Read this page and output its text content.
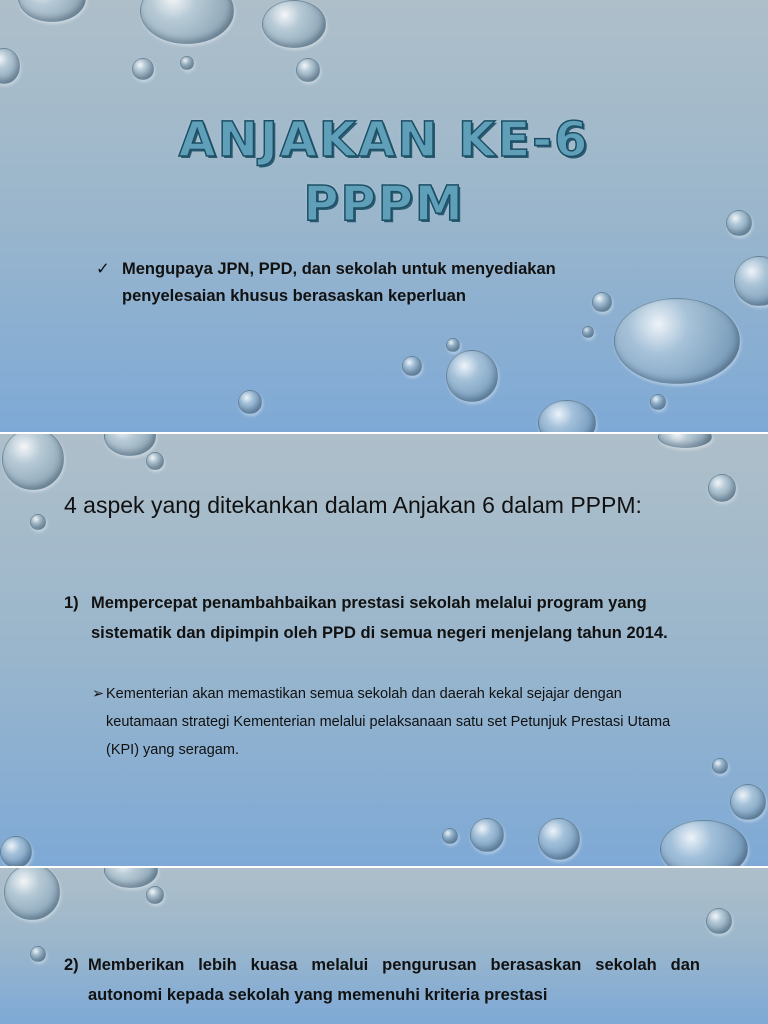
ANJAKAN KE-6
PPPM
✓ Mengupaya JPN, PPD, dan sekolah untuk menyediakan penyelesaian khusus berasaskan keperluan
4 aspek yang ditekankan dalam Anjakan 6 dalam PPPM:
1) Mempercepat penambahbaikan prestasi sekolah melalui program yang sistematik dan dipimpin oleh PPD di semua negeri menjelang tahun 2014.
➢ Kementerian akan memastikan semua sekolah dan daerah kekal sejajar dengan keutamaan strategi Kementerian melalui pelaksanaan satu set Petunjuk Prestasi Utama (KPI) yang seragam.
2) Memberikan lebih kuasa melalui pengurusan berasaskan sekolah dan autonomi kepada sekolah yang memenuhi kriteria prestasi
